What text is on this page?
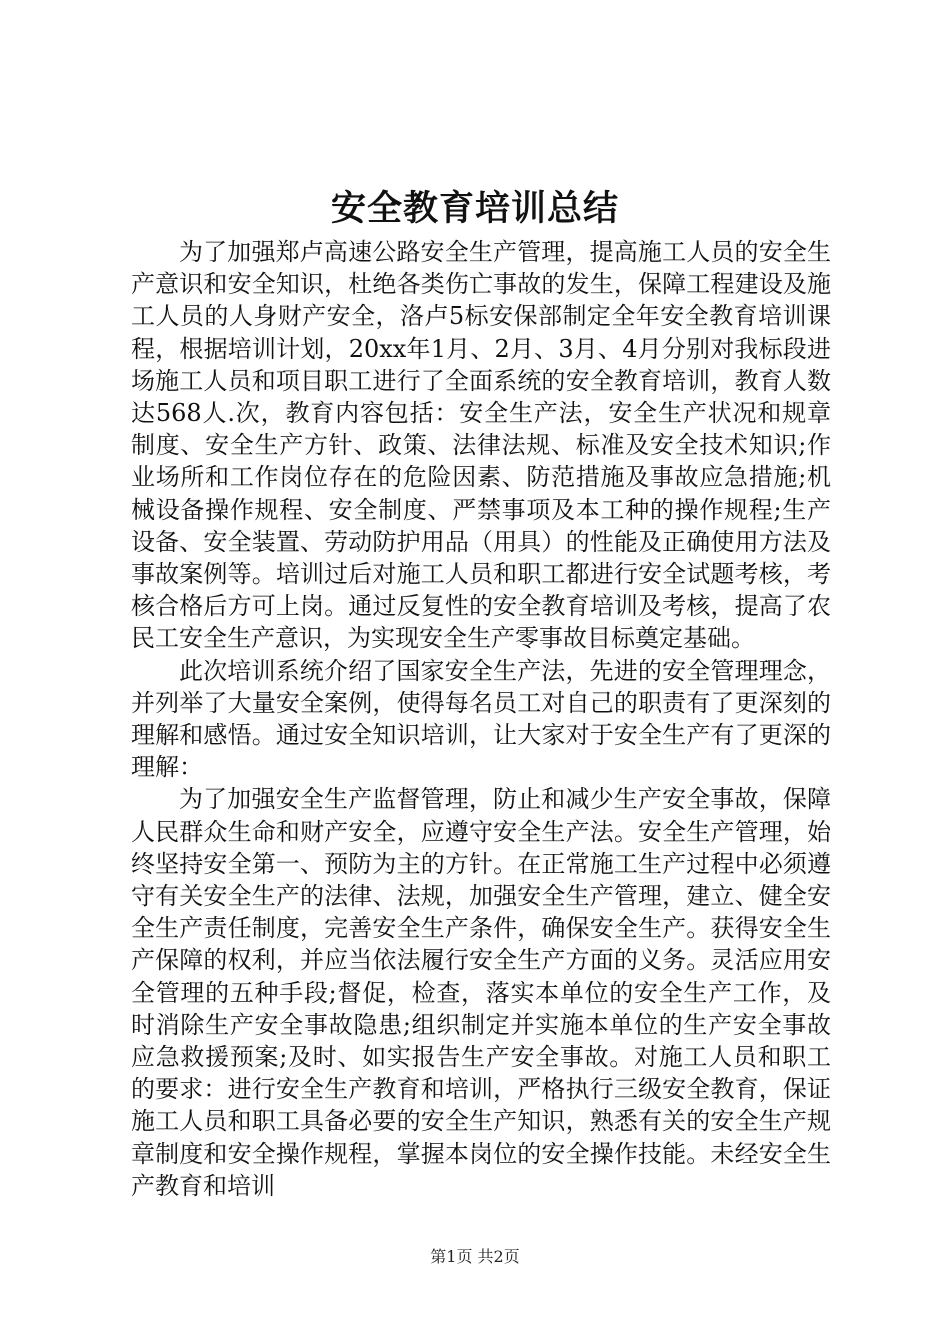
安全教育培训总结

为了加强郑卢高速公路安全生产管理，提高施工人员的安全生产意识和安全知识，杜绝各类伤亡事故的发生，保障工程建设及施工人员的人身财产安全，洛卢5标安保部制定全年安全教育培训课程，根据培训计划，20xx年1月、2月、3月、4月分别对我标段进场施工人员和项目职工进行了全面系统的安全教育培训，教育人数达568人.次，教育内容包括：安全生产法，安全生产状况和规章制度、安全生产方针、政策、法律法规、标准及安全技术知识;作业场所和工作岗位存在的危险因素、防范措施及事故应急措施;机械设备操作规程、安全制度、严禁事项及本工种的操作规程;生产设备、安全装置、劳动防护用品（用具）的性能及正确使用方法及事故案例等。培训过后对施工人员和职工都进行安全试题考核，考核合格后方可上岗。通过反复性的安全教育培训及考核，提高了农民工安全生产意识，为实现安全生产零事故目标奠定基础。

此次培训系统介绍了国家安全生产法，先进的安全管理理念，并列举了大量安全案例，使得每名员工对自己的职责有了更深刻的理解和感悟。通过安全知识培训，让大家对于安全生产有了更深的理解：

为了加强安全生产监督管理，防止和减少生产安全事故，保障人民群众生命和财产安全，应遵守安全生产法。安全生产管理，始终坚持安全第一、预防为主的方针。在正常施工生产过程中必须遵守有关安全生产的法律、法规，加强安全生产管理，建立、健全安全生产责任制度，完善安全生产条件，确保安全生产。获得安全生产保障的权利，并应当依法履行安全生产方面的义务。灵活应用安全管理的五种手段;督促，检查，落实本单位的安全生产工作，及时消除生产安全事故隐患;组织制定并实施本单位的生产安全事故应急救援预案;及时、如实报告生产安全事故。对施工人员和职工的要求：进行安全生产教育和培训，严格执行三级安全教育，保证施工人员和职工具备必要的安全生产知识，熟悉有关的安全生产规章制度和安全操作规程，掌握本岗位的安全操作技能。未经安全生产教育和培训

第1页 共2页
